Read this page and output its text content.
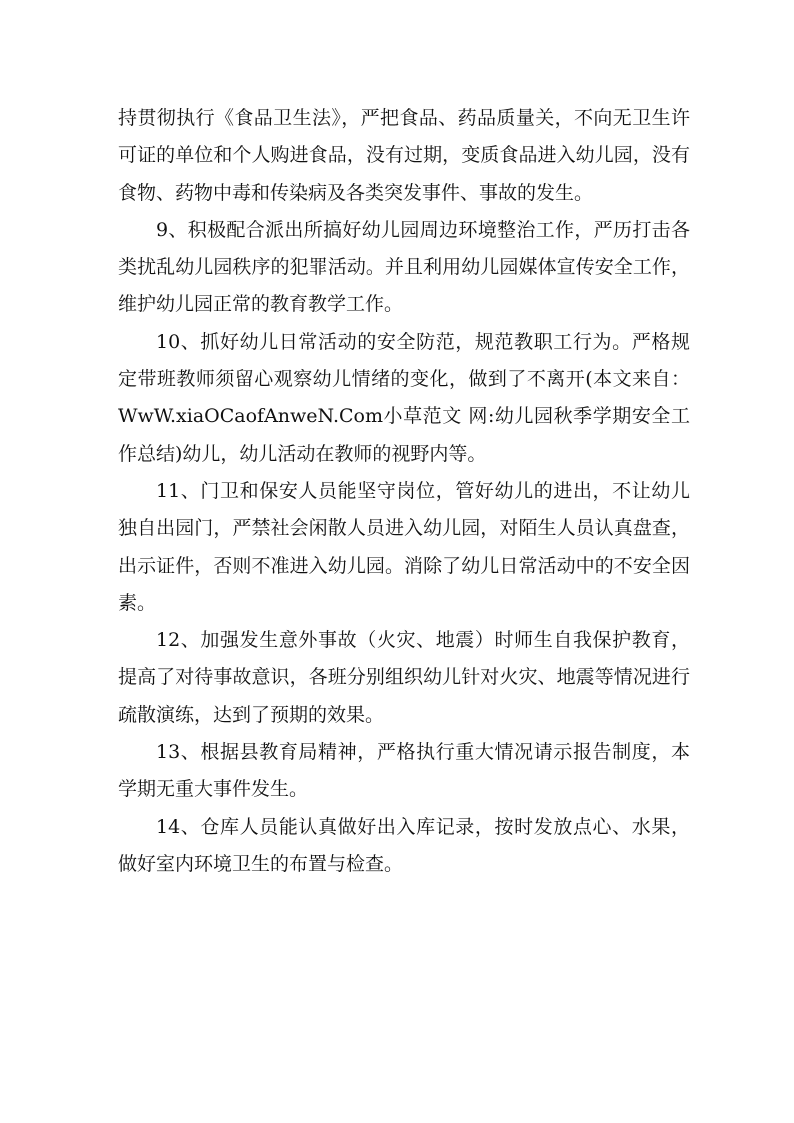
持贯彻执行《食品卫生法》，严把食品、药品质量关，不向无卫生许可证的单位和个人购进食品，没有过期，变质食品进入幼儿园，没有食物、药物中毒和传染病及各类突发事件、事故的发生。

9、积极配合派出所搞好幼儿园周边环境整治工作，严历打击各类扰乱幼儿园秩序的犯罪活动。并且利用幼儿园媒体宣传安全工作，维护幼儿园正常的教育教学工作。

10、抓好幼儿日常活动的安全防范，规范教职工行为。严格规定带班教师须留心观察幼儿情绪的变化，做到了不离开(本文来自：WwW.xiaOCaofAnweN.Com小草范文 网:幼儿园秋季学期安全工作总结)幼儿，幼儿活动在教师的视野内等。

11、门卫和保安人员能坚守岗位，管好幼儿的进出，不让幼儿独自出园门，严禁社会闲散人员进入幼儿园，对陌生人员认真盘查，出示证件，否则不准进入幼儿园。消除了幼儿日常活动中的不安全因素。

12、加强发生意外事故（火灾、地震）时师生自我保护教育，提高了对待事故意识，各班分别组织幼儿针对火灾、地震等情况进行疏散演练，达到了预期的效果。

13、根据县教育局精神，严格执行重大情况请示报告制度，本学期无重大事件发生。

14、仓库人员能认真做好出入库记录，按时发放点心、水果，做好室内环境卫生的布置与检查。
